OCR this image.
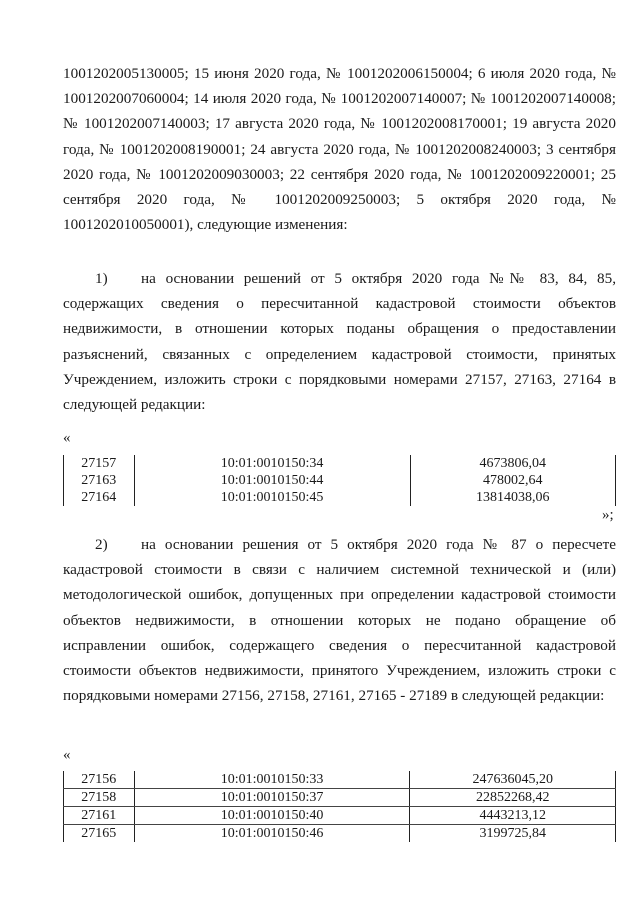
1001202005130005; 15 июня 2020 года, № 1001202006150004; 6 июля 2020 года, № 1001202007060004; 14 июля 2020 года, № 1001202007140007; № 1001202007140008; № 1001202007140003; 17 августа 2020 года, № 1001202008170001; 19 августа 2020 года, № 1001202008190001; 24 августа 2020 года, № 1001202008240003; 3 сентября 2020 года, № 1001202009030003; 22 сентября 2020 года, № 1001202009220001; 25 сентября 2020 года, № 1001202009250003; 5 октября 2020 года, № 1001202010050001), следующие изменения:

1) на основании решений от 5 октября 2020 года №№ 83, 84, 85, содержащих сведения о пересчитанной кадастровой стоимости объектов недвижимости, в отношении которых поданы обращения о предоставлении разъяснений, связанных с определением кадастровой стоимости, принятых Учреждением, изложить строки с порядковыми номерами 27157, 27163, 27164 в следующей редакции:

«
27157	10:01:0010150:34	4673806,04
27163	10:01:0010150:44	478002,64
27164	10:01:0010150:45	13814038,06
»;

2) на основании решения от 5 октября 2020 года № 87 о пересчете кадастровой стоимости в связи с наличием системной технической и (или) методологической ошибок, допущенных при определении кадастровой стоимости объектов недвижимости, в отношении которых не подано обращение об исправлении ошибок, содержащего сведения о пересчитанной кадастровой стоимости объектов недвижимости, принятого Учреждением, изложить строки с порядковыми номерами 27156, 27158, 27161, 27165 - 27189 в следующей редакции:

«
27156	10:01:0010150:33	247636045,20
27158	10:01:0010150:37	22852268,42
27161	10:01:0010150:40	4443213,12
27165	10:01:0010150:46	3199725,84
